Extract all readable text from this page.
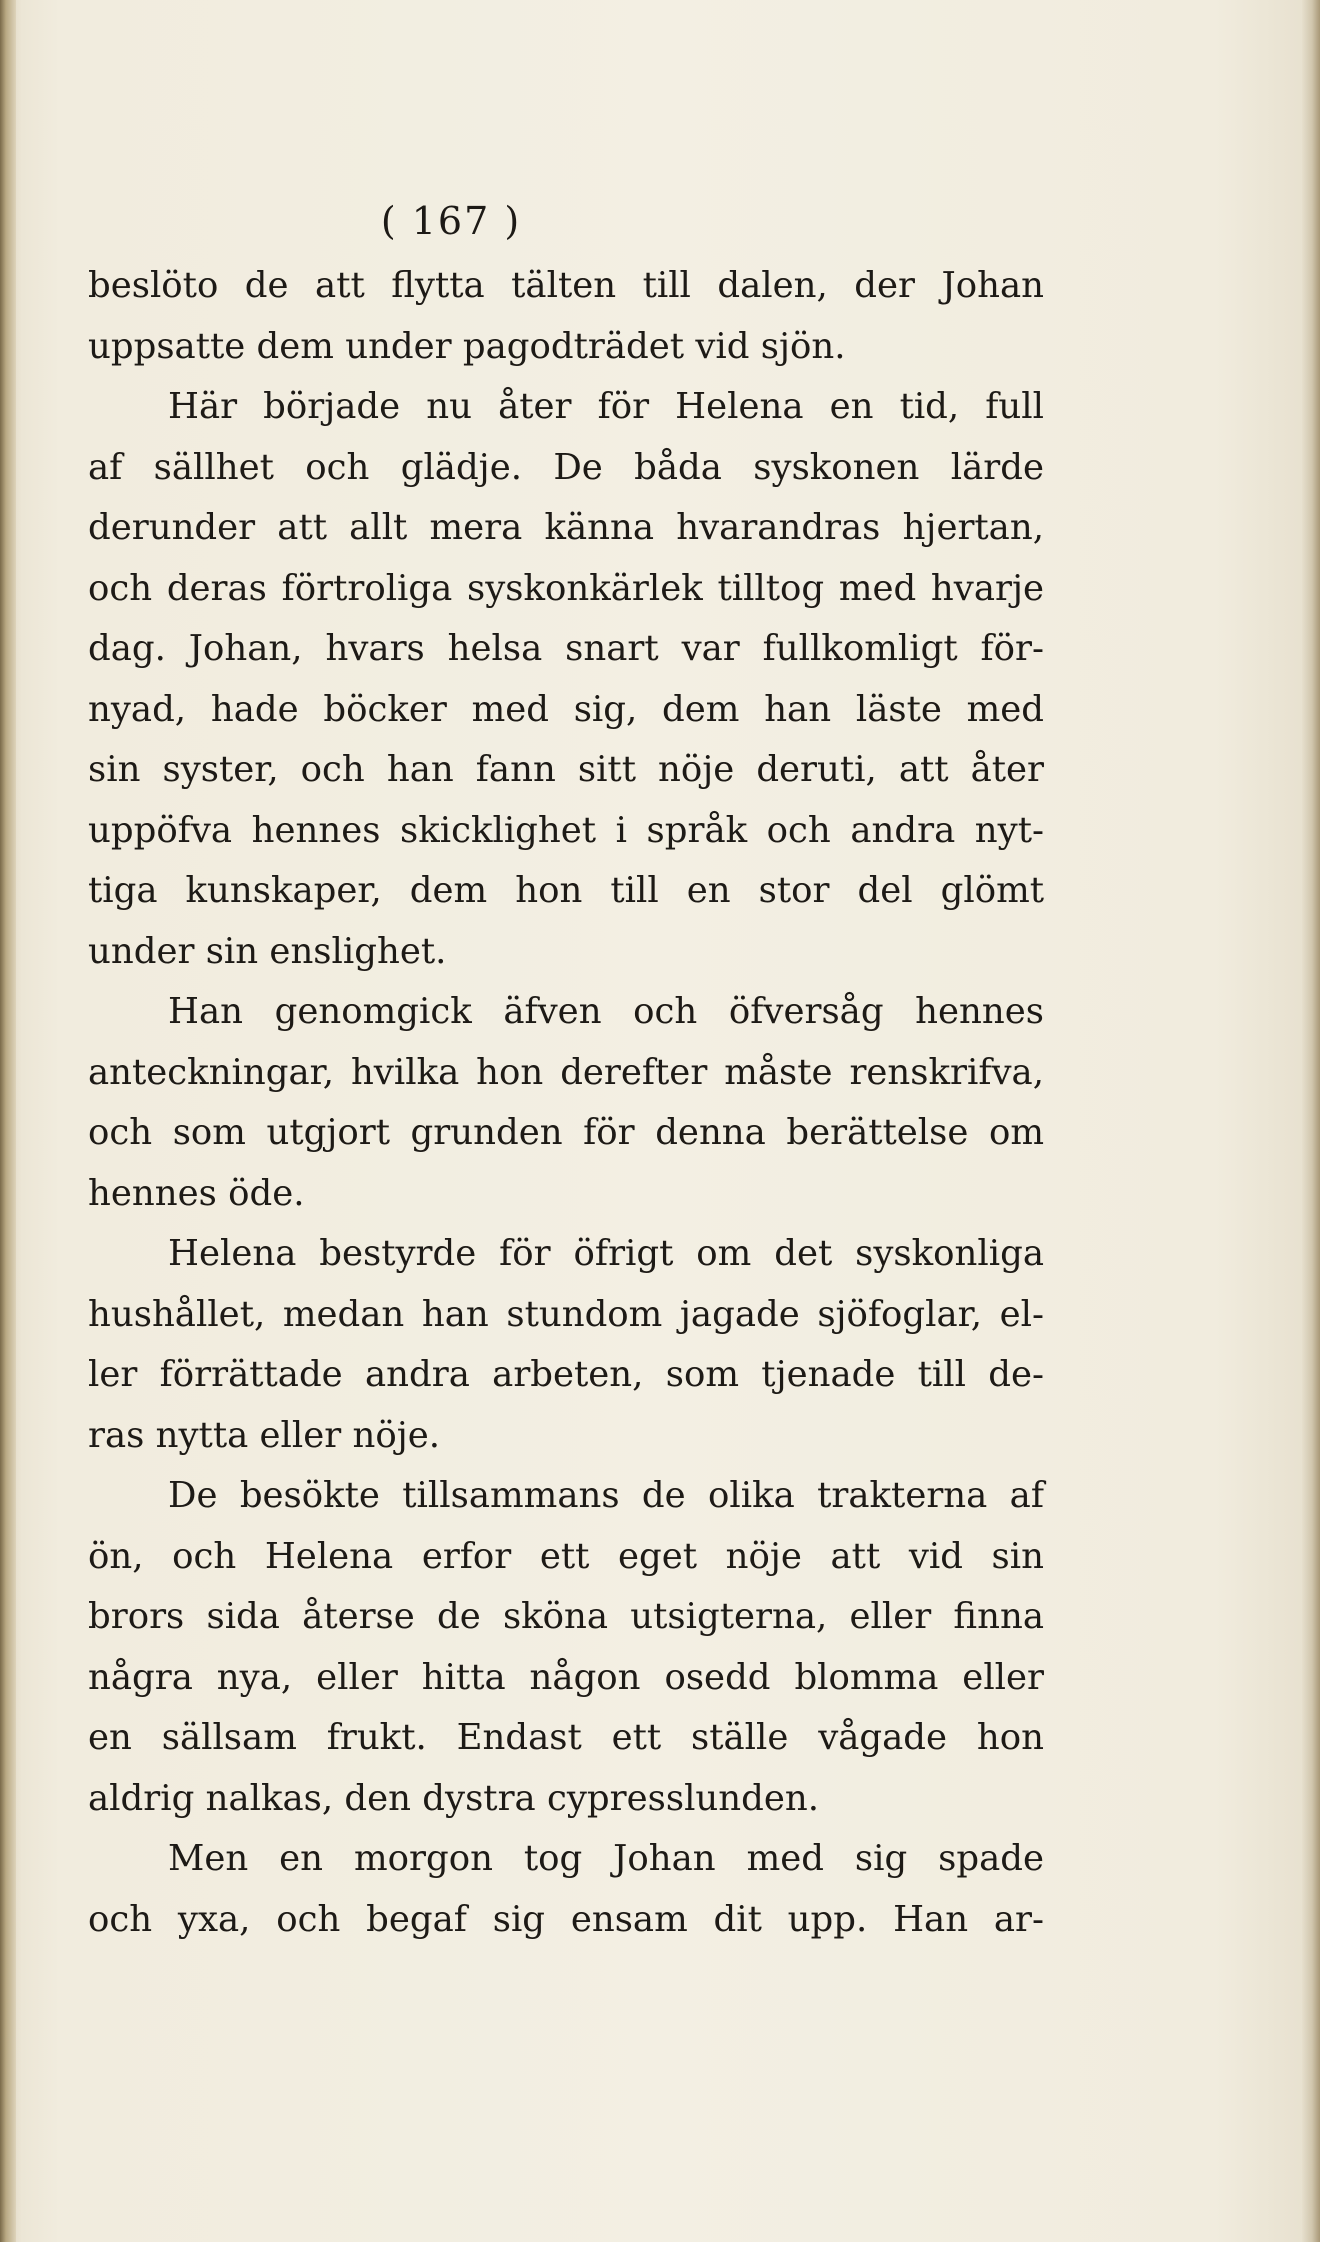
( 167 )
beslöto de att flytta tälten till dalen, der Johan
uppsatte dem under pagodträdet vid sjön.
Här började nu åter för Helena en tid, full
af sällhet och glädje. De båda syskonen lärde
derunder att allt mera känna hvarandras hjertan,
och deras förtroliga syskonkärlek tilltog med hvarje
dag. Johan, hvars helsa snart var fullkomligt för-
nyad, hade böcker med sig, dem han läste med
sin syster, och han fann sitt nöje deruti, att åter
uppöfva hennes skicklighet i språk och andra nyt-
tiga kunskaper, dem hon till en stor del glömt
under sin enslighet.
Han genomgick äfven och öfversåg hennes
anteckningar, hvilka hon derefter måste renskrifva,
och som utgjort grunden för denna berättelse om
hennes öde.
Helena bestyrde för öfrigt om det syskonliga
hushållet, medan han stundom jagade sjöfoglar, el-
ler förrättade andra arbeten, som tjenade till de-
ras nytta eller nöje.
De besökte tillsammans de olika trakterna af
ön, och Helena erfor ett eget nöje att vid sin
brors sida återse de sköna utsigterna, eller finna
några nya, eller hitta någon osedd blomma eller
en sällsam frukt. Endast ett ställe vågade hon
aldrig nalkas, den dystra cypresslunden.
Men en morgon tog Johan med sig spade
och yxa, och begaf sig ensam dit upp. Han ar-
